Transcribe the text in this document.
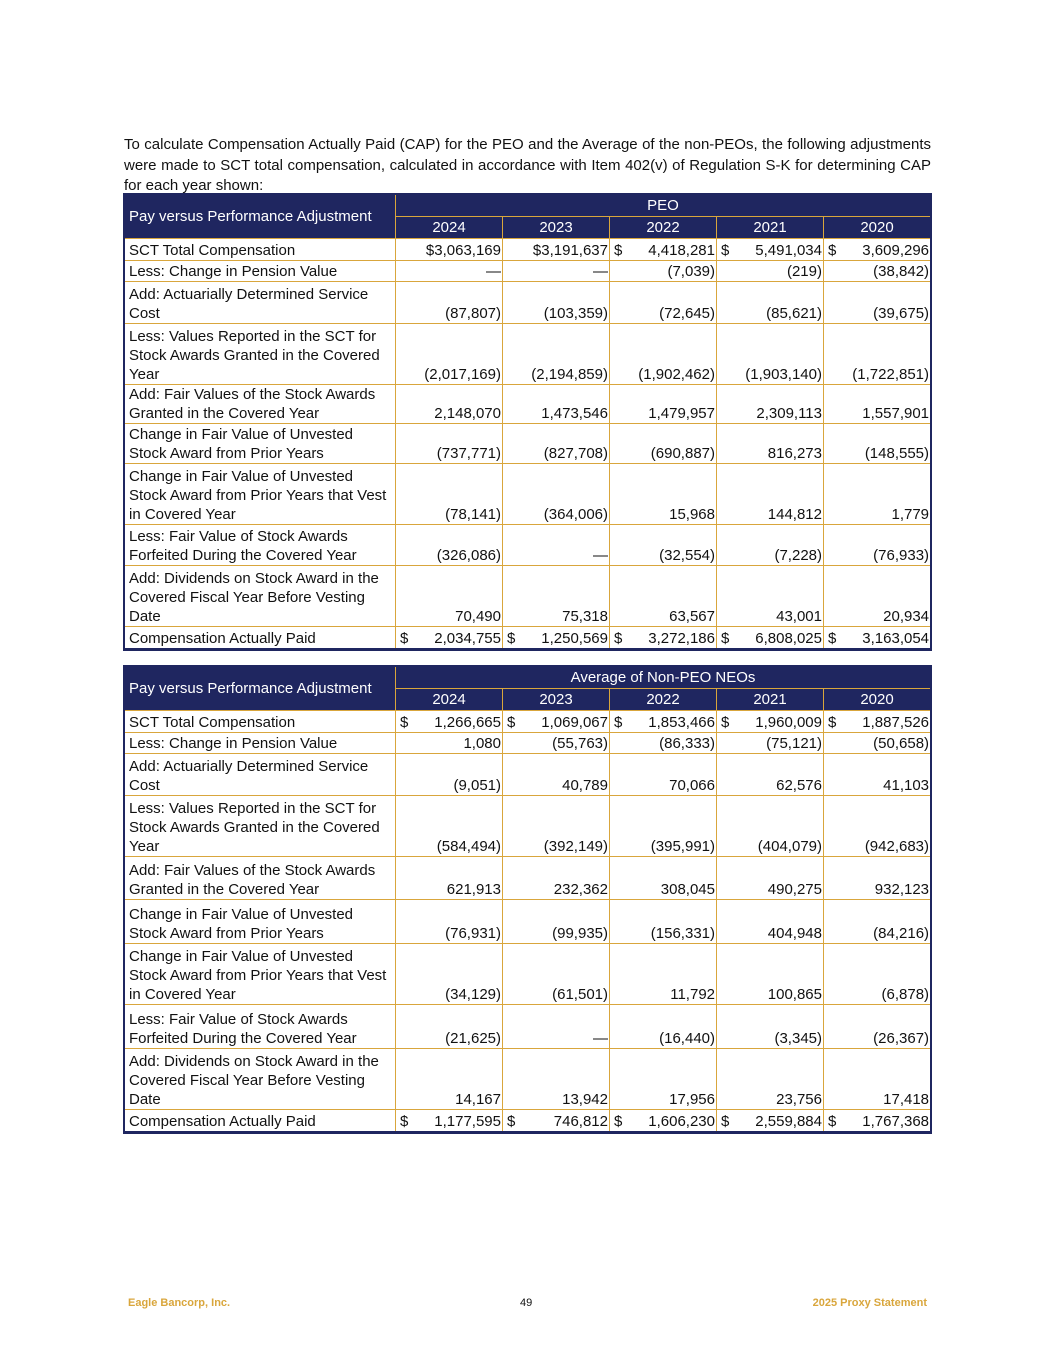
To calculate Compensation Actually Paid (CAP) for the PEO and the Average of the non-PEOs, the following adjustments were made to SCT total compensation, calculated in accordance with Item 402(v) of Regulation S-K for determining CAP for each year shown:

Pay versus Performance Adjustment	PEO				
	2024	2023	2022	2021	2020
SCT Total Compensation	$3,063,169	$3,191,637	$ 4,418,281	$ 5,491,034	$ 3,609,296
Less: Change in Pension Value	—	—	(7,039)	(219)	(38,842)
Add: Actuarially Determined Service Cost	(87,807)	(103,359)	(72,645)	(85,621)	(39,675)
Less: Values Reported in the SCT for Stock Awards Granted in the Covered Year	(2,017,169)	(2,194,859)	(1,902,462)	(1,903,140)	(1,722,851)
Add: Fair Values of the Stock Awards Granted in the Covered Year	2,148,070	1,473,546	1,479,957	2,309,113	1,557,901
Change in Fair Value of Unvested Stock Award from Prior Years	(737,771)	(827,708)	(690,887)	816,273	(148,555)
Change in Fair Value of Unvested Stock Award from Prior Years that Vest in Covered Year	(78,141)	(364,006)	15,968	144,812	1,779
Less: Fair Value of Stock Awards Forfeited During the Covered Year	(326,086)	—	(32,554)	(7,228)	(76,933)
Add: Dividends on Stock Award in the Covered Fiscal Year Before Vesting Date	70,490	75,318	63,567	43,001	20,934
Compensation Actually Paid	$ 2,034,755	$ 1,250,569	$ 3,272,186	$ 6,808,025	$ 3,163,054
Pay versus Performance Adjustment	Average of Non-PEO NEOs				
	2024	2023	2022	2021	2020
SCT Total Compensation	$ 1,266,665	$ 1,069,067	$ 1,853,466	$ 1,960,009	$ 1,887,526
Less: Change in Pension Value	1,080	(55,763)	(86,333)	(75,121)	(50,658)
Add: Actuarially Determined Service Cost	(9,051)	40,789	70,066	62,576	41,103
Less: Values Reported in the SCT for Stock Awards Granted in the Covered Year	(584,494)	(392,149)	(395,991)	(404,079)	(942,683)
Add: Fair Values of the Stock Awards Granted in the Covered Year	621,913	232,362	308,045	490,275	932,123
Change in Fair Value of Unvested Stock Award from Prior Years	(76,931)	(99,935)	(156,331)	404,948	(84,216)
Change in Fair Value of Unvested Stock Award from Prior Years that Vest in Covered Year	(34,129)	(61,501)	11,792	100,865	(6,878)
Less: Fair Value of Stock Awards Forfeited During the Covered Year	(21,625)	—	(16,440)	(3,345)	(26,367)
Add: Dividends on Stock Award in the Covered Fiscal Year Before Vesting Date	14,167	13,942	17,956	23,756	17,418
Compensation Actually Paid	$ 1,177,595	$ 746,812	$ 1,606,230	$ 2,559,884	$ 1,767,368
Eagle Bancorp, Inc.	49	2025 Proxy Statement
